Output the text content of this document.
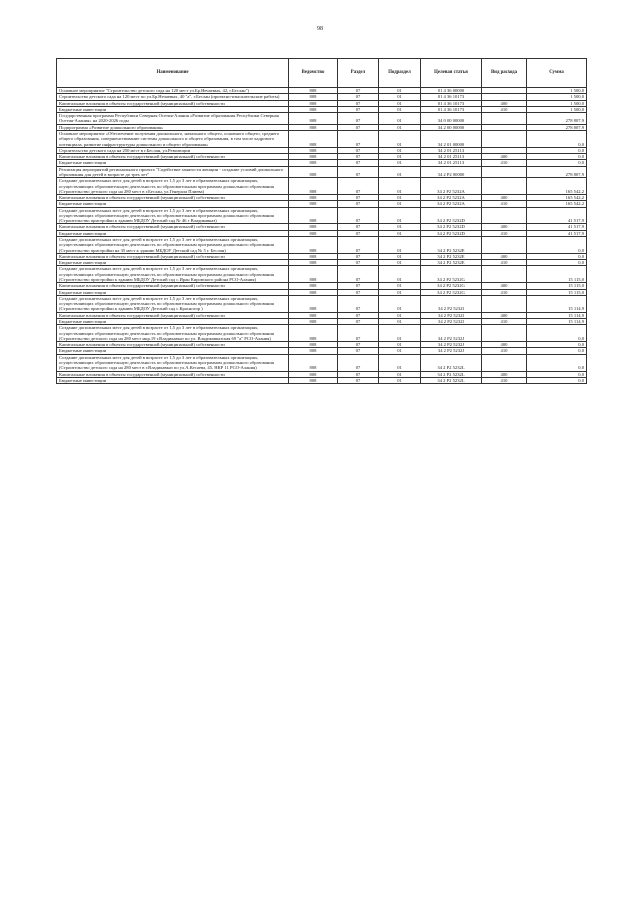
98
Наименование	Ведомство	Раздел	Подраздел	Целевая статья	Вид расхода	Сумма
Основное мероприятие "Строительство детского сада на 120 мест ул.Бр.Нечаевых, 42, г.Беслан")	808	07	01	01 4 36 00000		1 500,0
Строительство детского сада на 120 мест по ул.Бр.Нечаевых, 40 "а", г.Беслан (проектно-изыскательские работы)	808	07	01	01 4 36 10173		1 500,0
Капитальные вложения в объекты государственной (муниципальной) собственности	808	07	01	01 4 36 10173	400	1 500,0
Бюджетные инвестиции	808	07	01	01 4 36 10173	410	1 500,0
Государственная программа Республики Северная Осетия-Алания «Развитие образования Республики Северная Осетия-Алания» на 2020-2026 годы	808	07	01	34 0 00 00000		278 807,9
Подпрограмма «Развитие дошкольного образования»	808	07	01	34 2 00 00000		278 807,9
Основное мероприятие «Обеспечение получения дошкольного, начального общего, основного общего, среднего общего образования, совершенствование системы дошкольного и общего образования, в том числе кадрового потенциала, развитие инфраструктуры дошкольного и общего образования»	808	07	01	34 2 01 00000		0,0
Строительство детского сада на 250 мест в г.Беслан, ул.Революции	808	07	01	34 2 01 25113		0,0
Капитальные вложения в объекты государственной (муниципальной) собственности	808	07	01	34 2 01 25113	400	0,0
Бюджетные инвестиции	808	07	01	34 2 01 25113	410	0,0
Реализация мероприятий регионального проекта "Содействие занятости женщин - создание условий дошкольного образования для детей в возрасте до трех лет"	808	07	01	34 2 P2 00000		278 807,9
Создание дополнительных мест для детей в возрасте от 1,5 до 3 лет в образовательных организациях, осуществляющих образовательную деятельность по образовательным программам дошкольного образования (Строительство детского сада на 280 мест в г.Беслан, ул.Генерала Плиева)	808	07	01	34 2 P2 5232А		165 542,2
Капитальные вложения в объекты государственной (муниципальной) собственности	808	07	01	34 2 P2 5232А	400	165 542,2
Бюджетные инвестиции	808	07	01	34 2 P2 5232А	410	165 542,2
Создание дополнительных мест для детей в возрасте от 1,5 до 3 лет в образовательных организациях, осуществляющих образовательную деятельность по образовательным программам дошкольного образования (Строительство пристройки к зданию МБДОУ Детский сад № 46 г Владикавказ)	808	07	01	34 2 P2 5232D		41 517,9
Капитальные вложения в объекты государственной (муниципальной) собственности	808	07	01	34 2 P2 5232D	400	41 517,9
Бюджетные инвестиции	808	07	01	34 2 P2 5232D	410	41 517,9
Создание дополнительных мест для детей в возрасте от 1,5 до 3 лет в образовательных организациях, осуществляющих образовательную деятельность по образовательным программам дошкольного образования (Строительство пристройки на 35 мест к зданию МБДОУ Детский сад № 5 г. Беслан)	808	07	01	34 2 P2 5232E		0,0
Капитальные вложения в объекты государственной (муниципальной) собственности	808	07	01	34 2 P2 5232E	400	0,0
Бюджетные инвестиции	808	07	01	34 2 P2 5232E	410	0,0
Создание дополнительных мест для детей в возрасте от 1,5 до 3 лет в образовательных организациях, осуществляющих образовательную деятельность по образовательным программам дошкольного образования (Строительство пристройки к зданию МБДОУ Детский сад с.Иран Кировского района РСО-Алания)	808	07	01	34 2 P2 5232G		15 115,0
Капитальные вложения в объекты государственной (муниципальной) собственности	808	07	01	34 2 P2 5232G	400	15 115,0
Бюджетные инвестиции	808	07	01	34 2 P2 5232G	410	15 115,0
Создание дополнительных мест для детей в возрасте от 1,5 до 3 лет в образовательных организациях, осуществляющих образовательную деятельность по образовательным программам дошкольного образования (Строительство пристройки к зданию МБДОУ Детский сад с.Красногор )	808	07	01	34 2 P2 5232I		15 114,9
Капитальные вложения в объекты государственной (муниципальной) собственности	808	07	01	34 2 P2 5232I	400	15 114,9
Бюджетные инвестиции	808	07	01	34 2 P2 5232I	410	15 114,9
Создание дополнительных мест для детей в возрасте от 1,5 до 3 лет в образовательных организациях, осуществляющих образовательную деятельность по образовательным программам дошкольного образования (Строительство детского сада на 280 мест мкр.19 г.Владикавказ по ул. Владикавказская 69 "а" РСО-Алания)	808	07	01	34 2 P2 5232J		0,0
Капитальные вложения в объекты государственной (муниципальной) собственности	808	07	01	34 2 P2 5232J	400	0,0
Бюджетные инвестиции	808	07	01	34 2 P2 5232J	410	0,0
Создание дополнительных мест для детей в возрасте от 1,5 до 3 лет в образовательных организациях, осуществляющих образовательную деятельность по образовательным программам дошкольного образования (Строительство детского сада на 280 мест в г.Владикавказ по ул.А.Кесаева, 45, НКР 11 РСО-Алания)	808	07	01	34 2 P2 5232L		0,0
Капитальные вложения в объекты государственной (муниципальной) собственности	808	07	01	34 2 P2 5232L	400	0,0
Бюджетные инвестиции	808	07	01	34 2 P2 5232L	410	0,0
